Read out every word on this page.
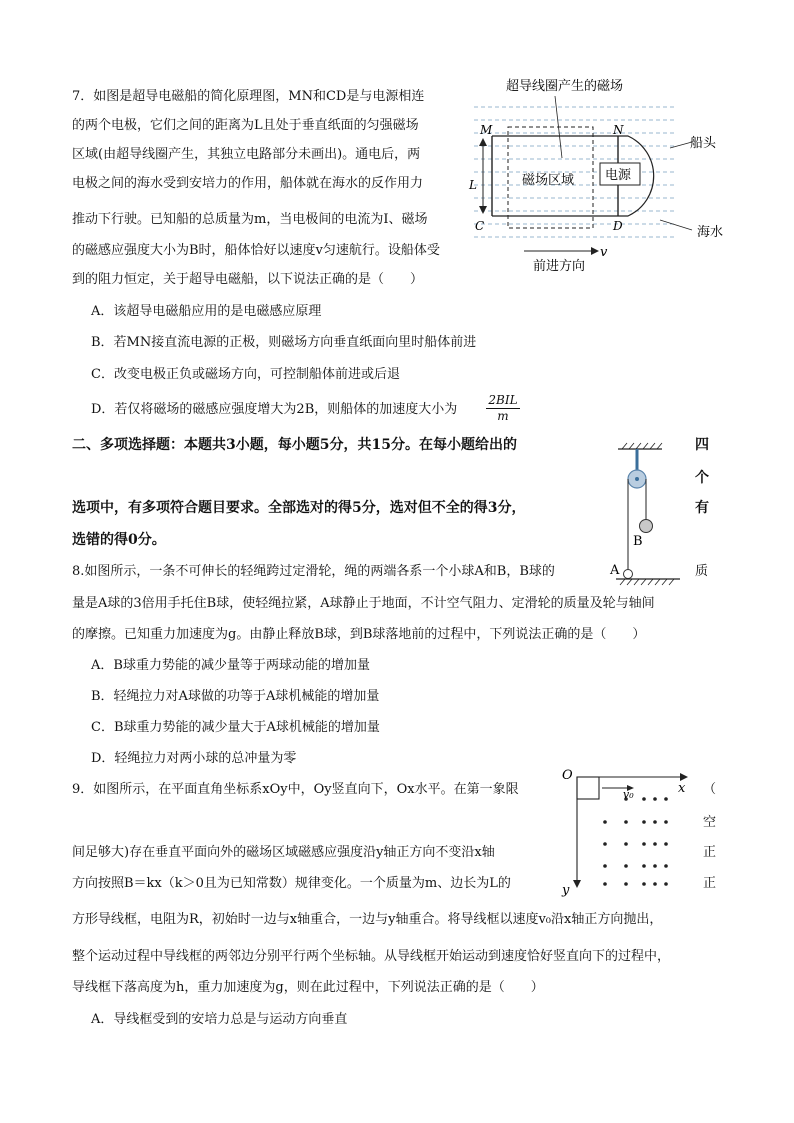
7．如图是超导电磁船的简化原理图，MN和CD是与电源相连
的两个电极，它们之间的距离为L且处于垂直纸面的匀强磁场
区域(由超导线圈产生，其独立电路部分未画出)。通电后，两
电极之间的海水受到安培力的作用，船体就在海水的反作用力
推动下行驶。已知船的总质量为m，当电极间的电流为I、磁场
的磁感应强度大小为B时，船体恰好以速度v匀速航行。设船体受
到的阻力恒定，关于超导电磁船，以下说法正确的是（　　）
A．该超导电磁船应用的是电磁感应原理
B．若MN接直流电源的正极，则磁场方向垂直纸面向里时船体前进
C．改变电极正负或磁场方向，可控制船体前进或后退
D．若仅将磁场的磁感应强度增大为2B，则船体的加速度大小为
2BIL
m
超导线圈产生的磁场
船头
海水
磁场区域 电源
前进方向
v
M	N
C	D
L
二、多项选择题：本题共3小题，每小题5分，共15分。在每小题给出的	四
个
选项中，有多项符合题目要求。全部选对的得5分，选对但不全的得3分，	有
选错的得0分。
8.如图所示，一条不可伸长的轻绳跨过定滑轮，绳的两端各系一个小球A和B，B球的	质
量是A球的3倍用手托住B球，使轻绳拉紧，A球静止于地面，不计空气阻力、定滑轮的质量及轮与轴间
的摩擦。已知重力加速度为g。由静止释放B球，到B球落地前的过程中，下列说法正确的是（　　）
A．B球重力势能的减少量等于两球动能的增加量
B．轻绳拉力对A球做的功等于A球机械能的增加量
C．B球重力势能的减少量大于A球机械能的增加量
D．轻绳拉力对两小球的总冲量为零
B
A
9．如图所示，在平面直角坐标系xOy中，Oy竖直向下，Ox水平。在第一象限	（
空
间足够大)存在垂直平面向外的磁场区域磁感应强度沿y轴正方向不变沿x轴	正
方向按照B＝kx（k＞0且为已知常数）规律变化。一个质量为m、边长为L的	正
方形导线框，电阻为R，初始时一边与x轴重合，一边与y轴重合。将导线框以速度v₀沿x轴正方向抛出，
整个运动过程中导线框的两邻边分别平行两个坐标轴。从导线框开始运动到速度恰好竖直向下的过程中，
导线框下落高度为h，重力加速度为g，则在此过程中，下列说法正确的是（　　）
A．导线框受到的安培力总是与运动方向垂直
O
x
y
v₀
